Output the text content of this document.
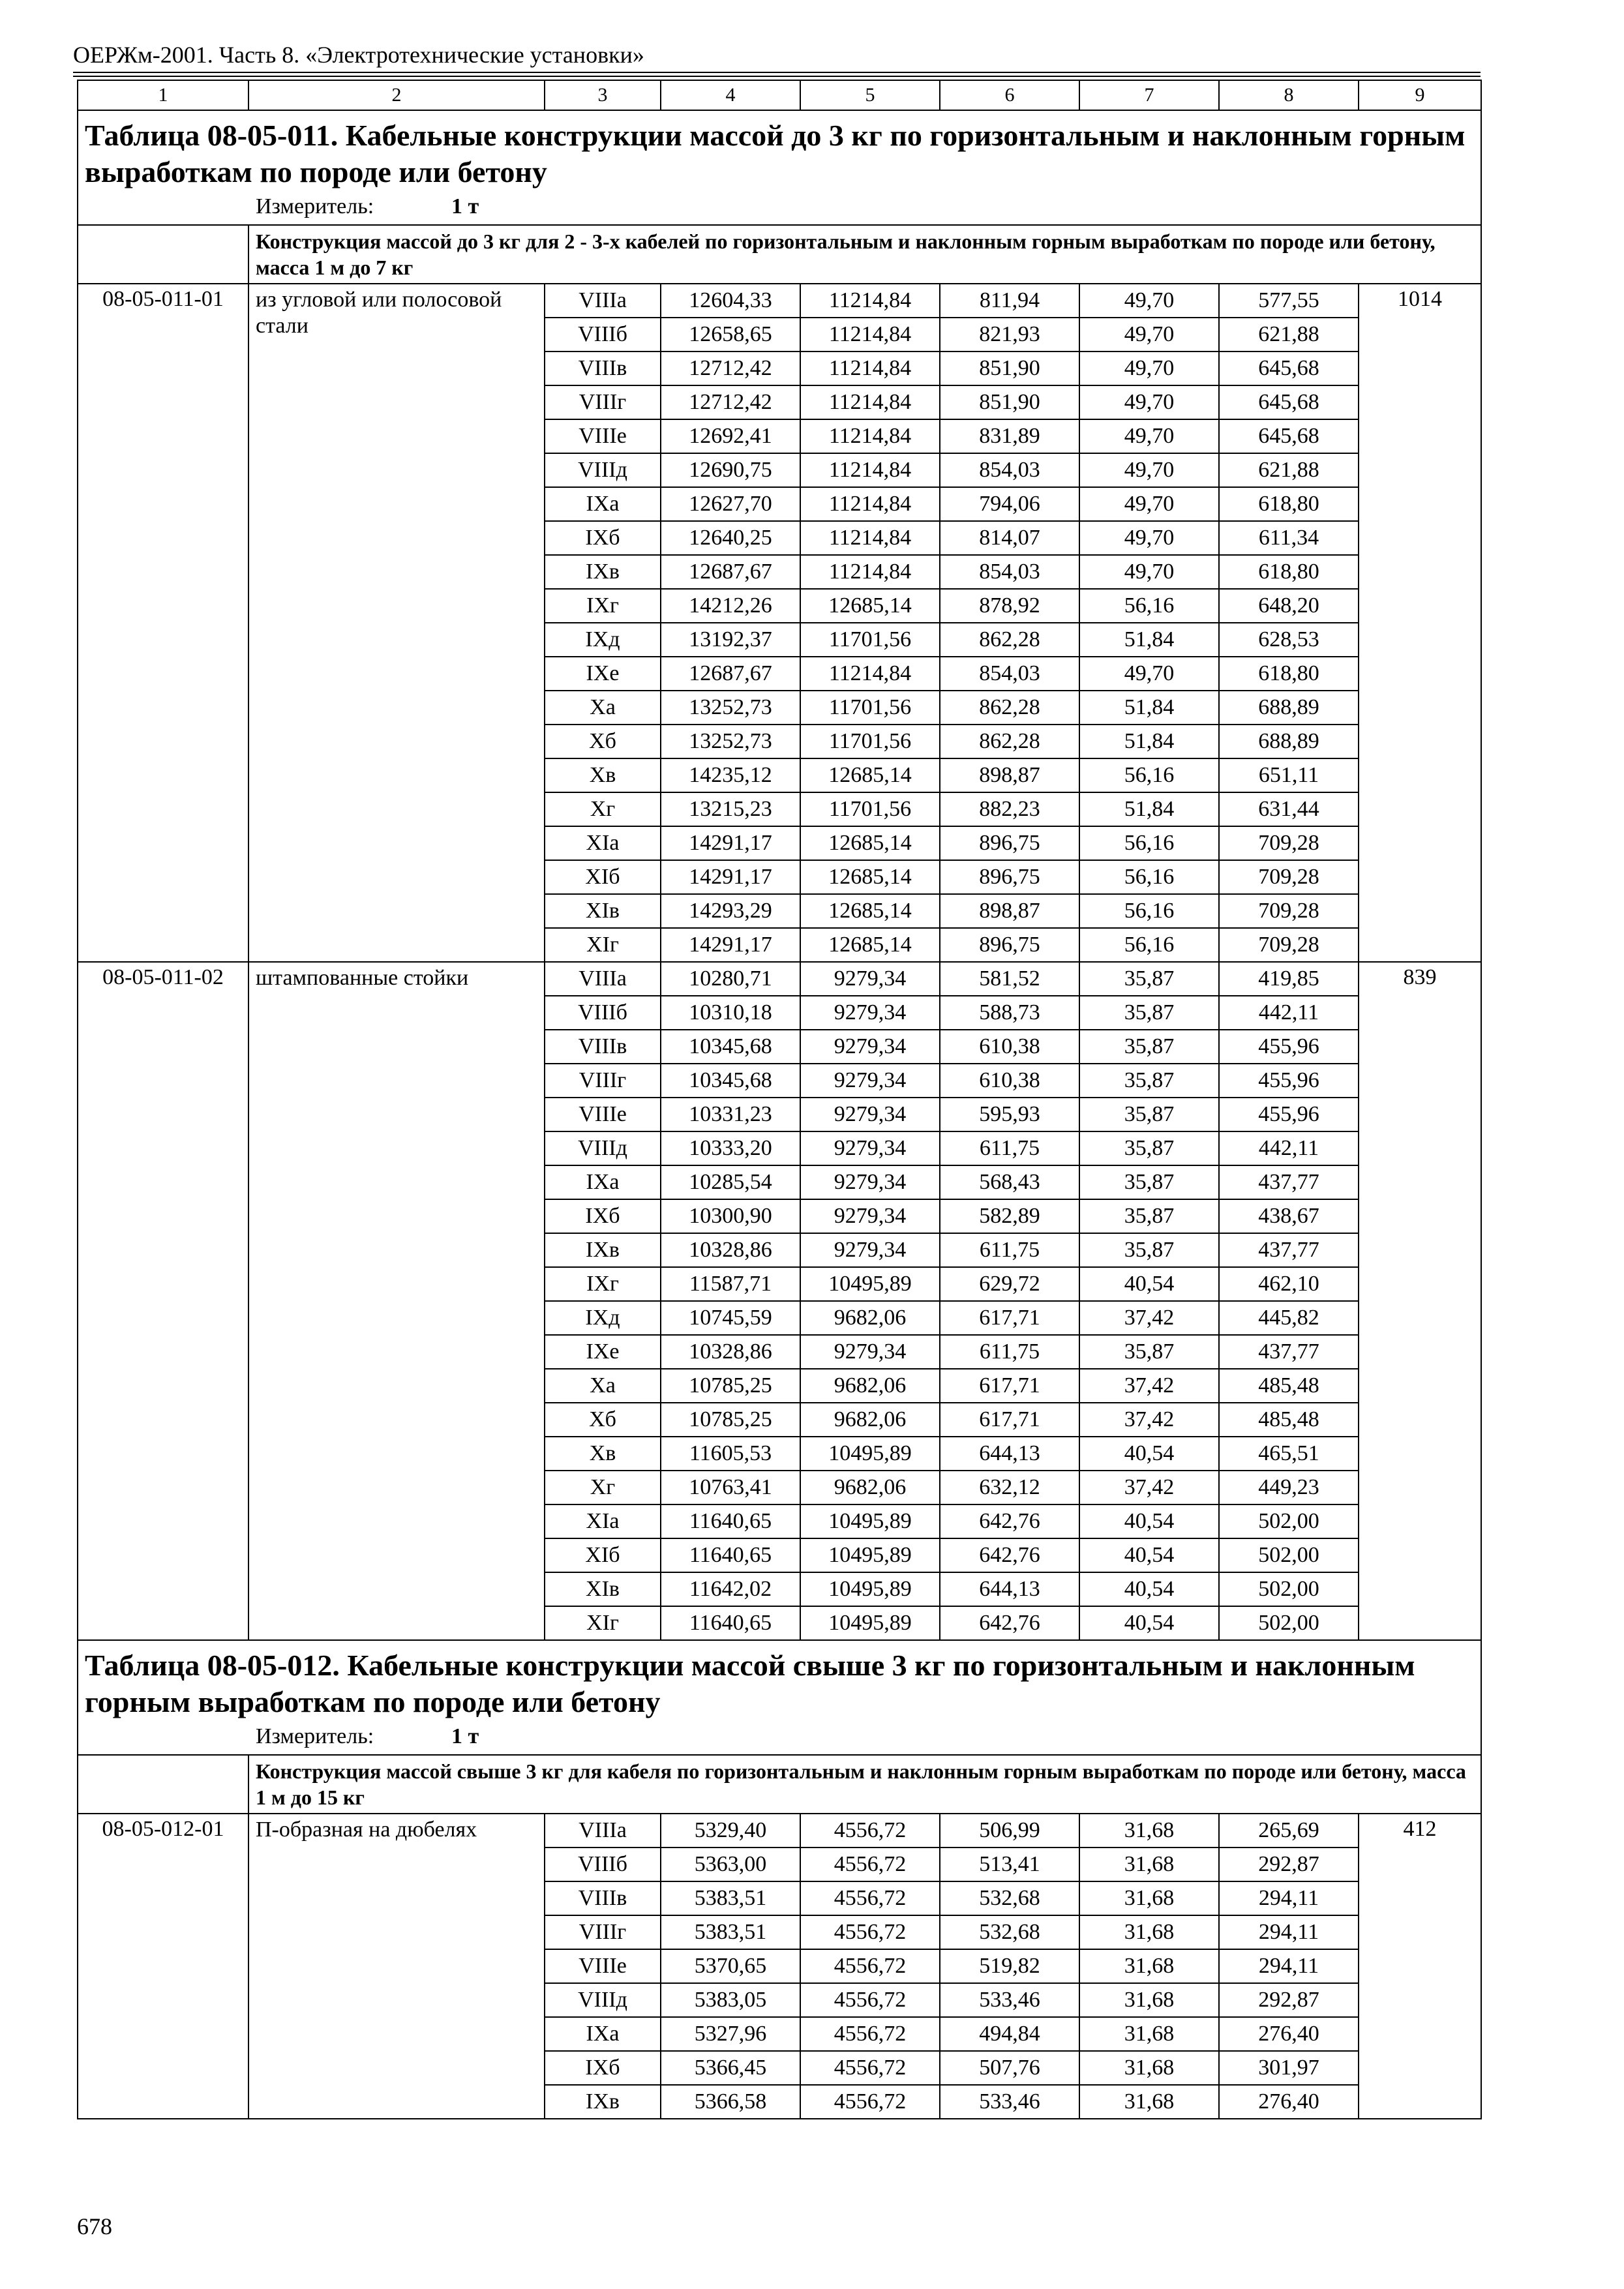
ОЕРЖм-2001. Часть 8. «Электротехнические установки»
1	2	3	4	5	6	7	8	9

Таблица 08-05-011. Кабельные конструкции массой до 3 кг по горизонтальным и наклонным горным выработкам по породе или бетону
Измеритель: 1 т								

	Конструкция массой до 3 кг для 2 - 3-х кабелей по горизонтальным и наклонным горным выработкам по породе или бетону, масса 1 м до 7 кг							
08-05-011-01	из угловой или полосовой стали	VIIIа	12604,33	11214,84	811,94	49,70	577,55	1014
		VIIIб	12658,65	11214,84	821,93	49,70	621,88	
		VIIIв	12712,42	11214,84	851,90	49,70	645,68	
		VIIIг	12712,42	11214,84	851,90	49,70	645,68	
		VIIIе	12692,41	11214,84	831,89	49,70	645,68	
		VIIIд	12690,75	11214,84	854,03	49,70	621,88	
		IXа	12627,70	11214,84	794,06	49,70	618,80	
		IXб	12640,25	11214,84	814,07	49,70	611,34	
		IXв	12687,67	11214,84	854,03	49,70	618,80	
		IXг	14212,26	12685,14	878,92	56,16	648,20	
		IXд	13192,37	11701,56	862,28	51,84	628,53	
		IXе	12687,67	11214,84	854,03	49,70	618,80	
		Xа	13252,73	11701,56	862,28	51,84	688,89	
		Xб	13252,73	11701,56	862,28	51,84	688,89	
		Xв	14235,12	12685,14	898,87	56,16	651,11	
		Xг	13215,23	11701,56	882,23	51,84	631,44	
		XIа	14291,17	12685,14	896,75	56,16	709,28	
		XIб	14291,17	12685,14	896,75	56,16	709,28	
		XIв	14293,29	12685,14	898,87	56,16	709,28	
		XIг	14291,17	12685,14	896,75	56,16	709,28	
08-05-011-02	штампованные стойки	VIIIа	10280,71	9279,34	581,52	35,87	419,85	839
		VIIIб	10310,18	9279,34	588,73	35,87	442,11	
		VIIIв	10345,68	9279,34	610,38	35,87	455,96	
		VIIIг	10345,68	9279,34	610,38	35,87	455,96	
		VIIIе	10331,23	9279,34	595,93	35,87	455,96	
		VIIIд	10333,20	9279,34	611,75	35,87	442,11	
		IXа	10285,54	9279,34	568,43	35,87	437,77	
		IXб	10300,90	9279,34	582,89	35,87	438,67	
		IXв	10328,86	9279,34	611,75	35,87	437,77	
		IXг	11587,71	10495,89	629,72	40,54	462,10	
		IXд	10745,59	9682,06	617,71	37,42	445,82	
		IXе	10328,86	9279,34	611,75	35,87	437,77	
		Xа	10785,25	9682,06	617,71	37,42	485,48	
		Xб	10785,25	9682,06	617,71	37,42	485,48	
		Xв	11605,53	10495,89	644,13	40,54	465,51	
		Xг	10763,41	9682,06	632,12	37,42	449,23	
		XIа	11640,65	10495,89	642,76	40,54	502,00	
		XIб	11640,65	10495,89	642,76	40,54	502,00	
		XIв	11642,02	10495,89	644,13	40,54	502,00	
		XIг	11640,65	10495,89	642,76	40,54	502,00	

Таблица 08-05-012. Кабельные конструкции массой свыше 3 кг по горизонтальным и наклонным горным выработкам по породе или бетону
Измеритель: 1 т								

	Конструкция массой свыше 3 кг для кабеля по горизонтальным и наклонным горным выработкам по породе или бетону, масса 1 м до 15 кг							
08-05-012-01	П-образная на дюбелях	VIIIа	5329,40	4556,72	506,99	31,68	265,69	412
		VIIIб	5363,00	4556,72	513,41	31,68	292,87	
		VIIIв	5383,51	4556,72	532,68	31,68	294,11	
		VIIIг	5383,51	4556,72	532,68	31,68	294,11	
		VIIIе	5370,65	4556,72	519,82	31,68	294,11	
		VIIIд	5383,05	4556,72	533,46	31,68	292,87	
		IXа	5327,96	4556,72	494,84	31,68	276,40	
		IXб	5366,45	4556,72	507,76	31,68	301,97	
		IXв	5366,58	4556,72	533,46	31,68	276,40	
678
